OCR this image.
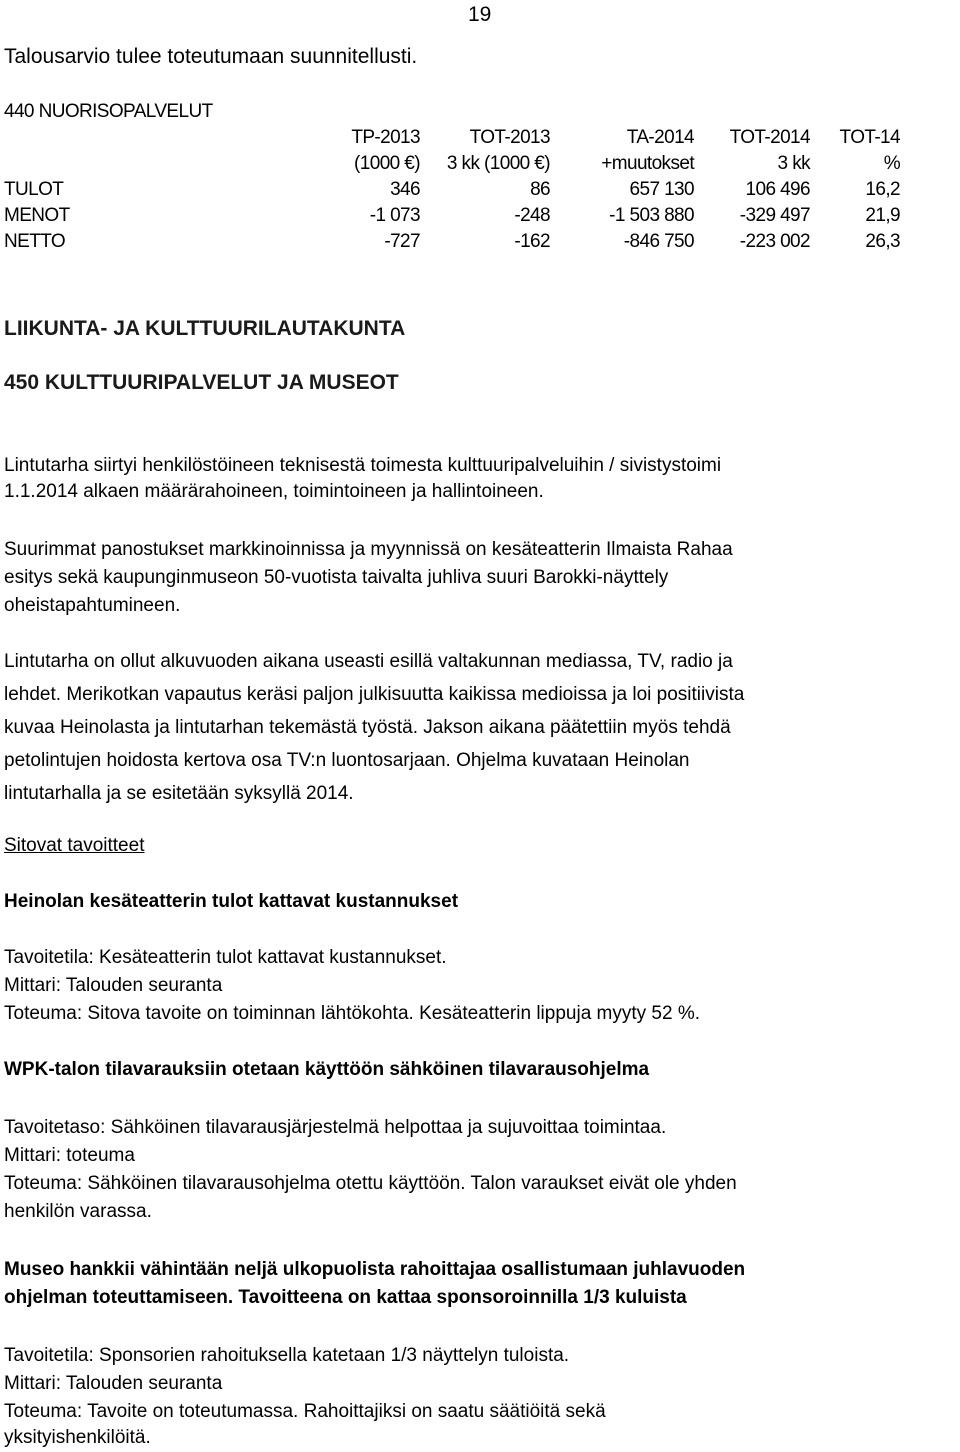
19
Talousarvio tulee toteutumaan suunnitellusti.
440 NUORISOPALVELUT
	TP-2013	TOT-2013	TA-2014	TOT-2014	TOT-14
	(1000 €)	3 kk (1000 €)	+muutokset	3 kk	%
TULOT	346	86	657 130	106 496	16,2
MENOT	-1 073	-248	-1 503 880	-329 497	21,9
NETTO	-727	-162	-846 750	-223 002	26,3
LIIKUNTA- JA KULTTUURILAUTAKUNTA
450 KULTTUURIPALVELUT JA MUSEOT
Lintutarha siirtyi henkilöstöineen teknisestä toimesta kulttuuripalveluihin / sivistystoimi
1.1.2014 alkaen määrärahoineen, toimintoineen ja hallintoineen.
Suurimmat panostukset markkinoinnissa ja myynnissä on kesäteatterin Ilmaista Rahaa
esitys sekä kaupunginmuseon 50-vuotista taivalta juhliva suuri Barokki-näyttely
oheistapahtumineen.
Lintutarha on ollut alkuvuoden aikana useasti esillä valtakunnan mediassa, TV, radio ja
lehdet. Merikotkan vapautus keräsi paljon julkisuutta kaikissa medioissa ja loi positiivista
kuvaa Heinolasta ja lintutarhan tekemästä työstä. Jakson aikana päätettiin myös tehdä
petolintujen hoidosta kertova osa TV:n luontosarjaan. Ohjelma kuvataan Heinolan
lintutarhalla ja se esitetään syksyllä 2014.
Sitovat tavoitteet
Heinolan kesäteatterin tulot kattavat kustannukset
Tavoitetila: Kesäteatterin tulot kattavat kustannukset.
Mittari: Talouden seuranta
Toteuma: Sitova tavoite on toiminnan lähtökohta. Kesäteatterin lippuja myyty 52 %.
WPK-talon tilavarauksiin otetaan käyttöön sähköinen tilavarausohjelma
Tavoitetaso: Sähköinen tilavarausjärjestelmä helpottaa ja sujuvoittaa toimintaa.
Mittari: toteuma
Toteuma: Sähköinen tilavarausohjelma otettu käyttöön. Talon varaukset eivät ole yhden
henkilön varassa.
Museo hankkii vähintään neljä ulkopuolista rahoittajaa osallistumaan juhlavuoden
ohjelman toteuttamiseen. Tavoitteena on kattaa sponsoroinnilla 1/3 kuluista
Tavoitetila: Sponsorien rahoituksella katetaan 1/3 näyttelyn tuloista.
Mittari: Talouden seuranta
Toteuma: Tavoite on toteutumassa. Rahoittajiksi on saatu säätiöitä sekä
yksityishenkilöitä.
